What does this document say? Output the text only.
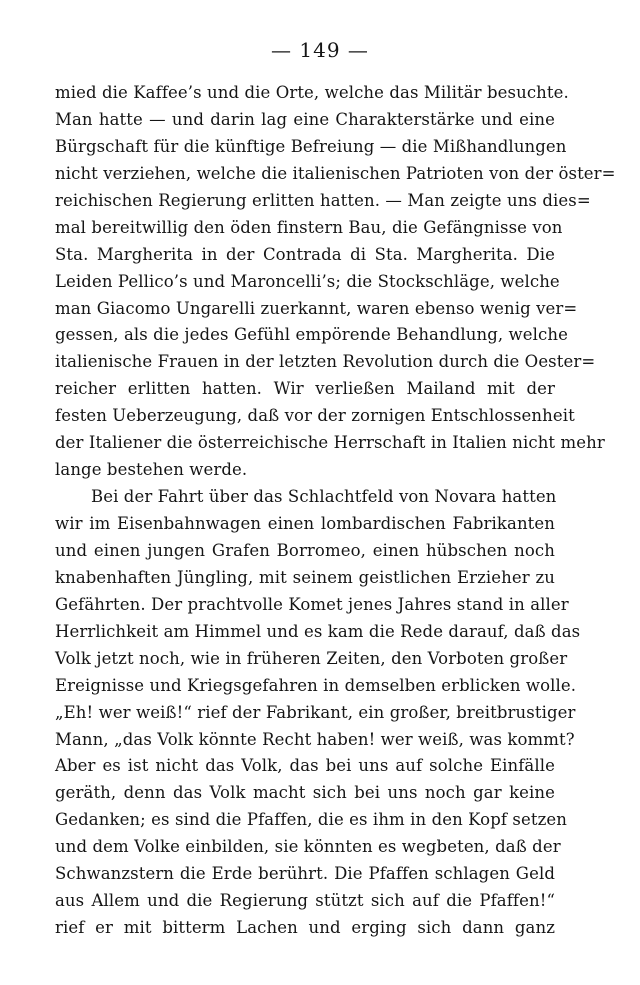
— 149 —
mied die Kaffee’s und die Orte, welche das Militär besuchte.
Man hatte — und darin lag eine Charakterstärke und eine
Bürgschaft für die künftige Befreiung — die Mißhandlungen
nicht verziehen, welche die italienischen Patrioten von der öster=
reichischen Regierung erlitten hatten. — Man zeigte uns dies=
mal bereitwillig den öden finstern Bau, die Gefängnisse von
Sta. Margherita in der Contrada di Sta. Margherita. Die
Leiden Pellico’s und Maroncelli’s; die Stockschläge, welche
man Giacomo Ungarelli zuerkannt, waren ebenso wenig ver=
gessen, als die jedes Gefühl empörende Behandlung, welche
italienische Frauen in der letzten Revolution durch die Oester=
reicher erlitten hatten. Wir verließen Mailand mit der
festen Ueberzeugung, daß vor der zornigen Entschlossenheit
der Italiener die österreichische Herrschaft in Italien nicht mehr
lange bestehen werde.
Bei der Fahrt über das Schlachtfeld von Novara hatten
wir im Eisenbahnwagen einen lombardischen Fabrikanten
und einen jungen Grafen Borromeo, einen hübschen noch
knabenhaften Jüngling, mit seinem geistlichen Erzieher zu
Gefährten. Der prachtvolle Komet jenes Jahres stand in aller
Herrlichkeit am Himmel und es kam die Rede darauf, daß das
Volk jetzt noch, wie in früheren Zeiten, den Vorboten großer
Ereignisse und Kriegsgefahren in demselben erblicken wolle.
„Eh! wer weiß!“ rief der Fabrikant, ein großer, breitbrustiger
Mann, „das Volk könnte Recht haben! wer weiß, was kommt?
Aber es ist nicht das Volk, das bei uns auf solche Einfälle
geräth, denn das Volk macht sich bei uns noch gar keine
Gedanken; es sind die Pfaffen, die es ihm in den Kopf setzen
und dem Volke einbilden, sie könnten es wegbeten, daß der
Schwanzstern die Erde berührt. Die Pfaffen schlagen Geld
aus Allem und die Regierung stützt sich auf die Pfaffen!“
rief er mit bitterm Lachen und erging sich dann ganz
